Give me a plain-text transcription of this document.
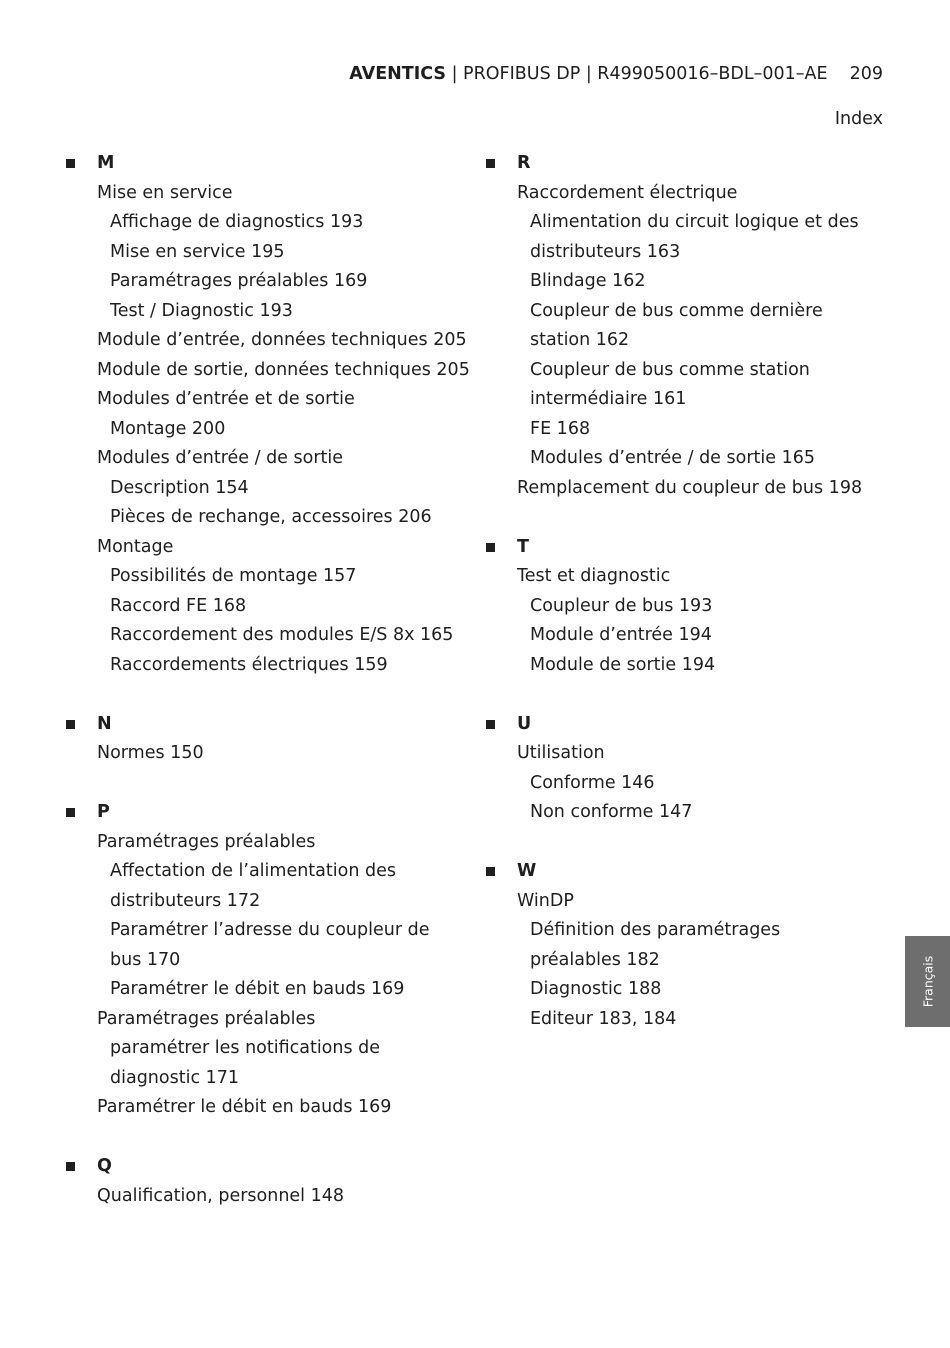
AVENTICS | PROFIBUS DP | R499050016–BDL–001–AE 209
Index
M
Mise en service
Affichage de diagnostics 193
Mise en service 195
Paramétrages préalables 169
Test / Diagnostic 193
Module d’entrée, données techniques 205
Module de sortie, données techniques 205
Modules d’entrée et de sortie
Montage 200
Modules d’entrée / de sortie
Description 154
Pièces de rechange, accessoires 206
Montage
Possibilités de montage 157
Raccord FE 168
Raccordement des modules E/S 8x 165
Raccordements électriques 159
N
Normes 150
P
Paramétrages préalables
Affectation de l’alimentation des
distributeurs 172
Paramétrer l’adresse du coupleur de
bus 170
Paramétrer le débit en bauds 169
Paramétrages préalables
paramétrer les notifications de
diagnostic 171
Paramétrer le débit en bauds 169
Q
Qualification, personnel 148
R
Raccordement électrique
Alimentation du circuit logique et des
distributeurs 163
Blindage 162
Coupleur de bus comme dernière
station 162
Coupleur de bus comme station
intermédiaire 161
FE 168
Modules d’entrée / de sortie 165
Remplacement du coupleur de bus 198
T
Test et diagnostic
Coupleur de bus 193
Module d’entrée 194
Module de sortie 194
U
Utilisation
Conforme 146
Non conforme 147
W
WinDP
Définition des paramétrages
préalables 182
Diagnostic 188
Editeur 183, 184
Français
